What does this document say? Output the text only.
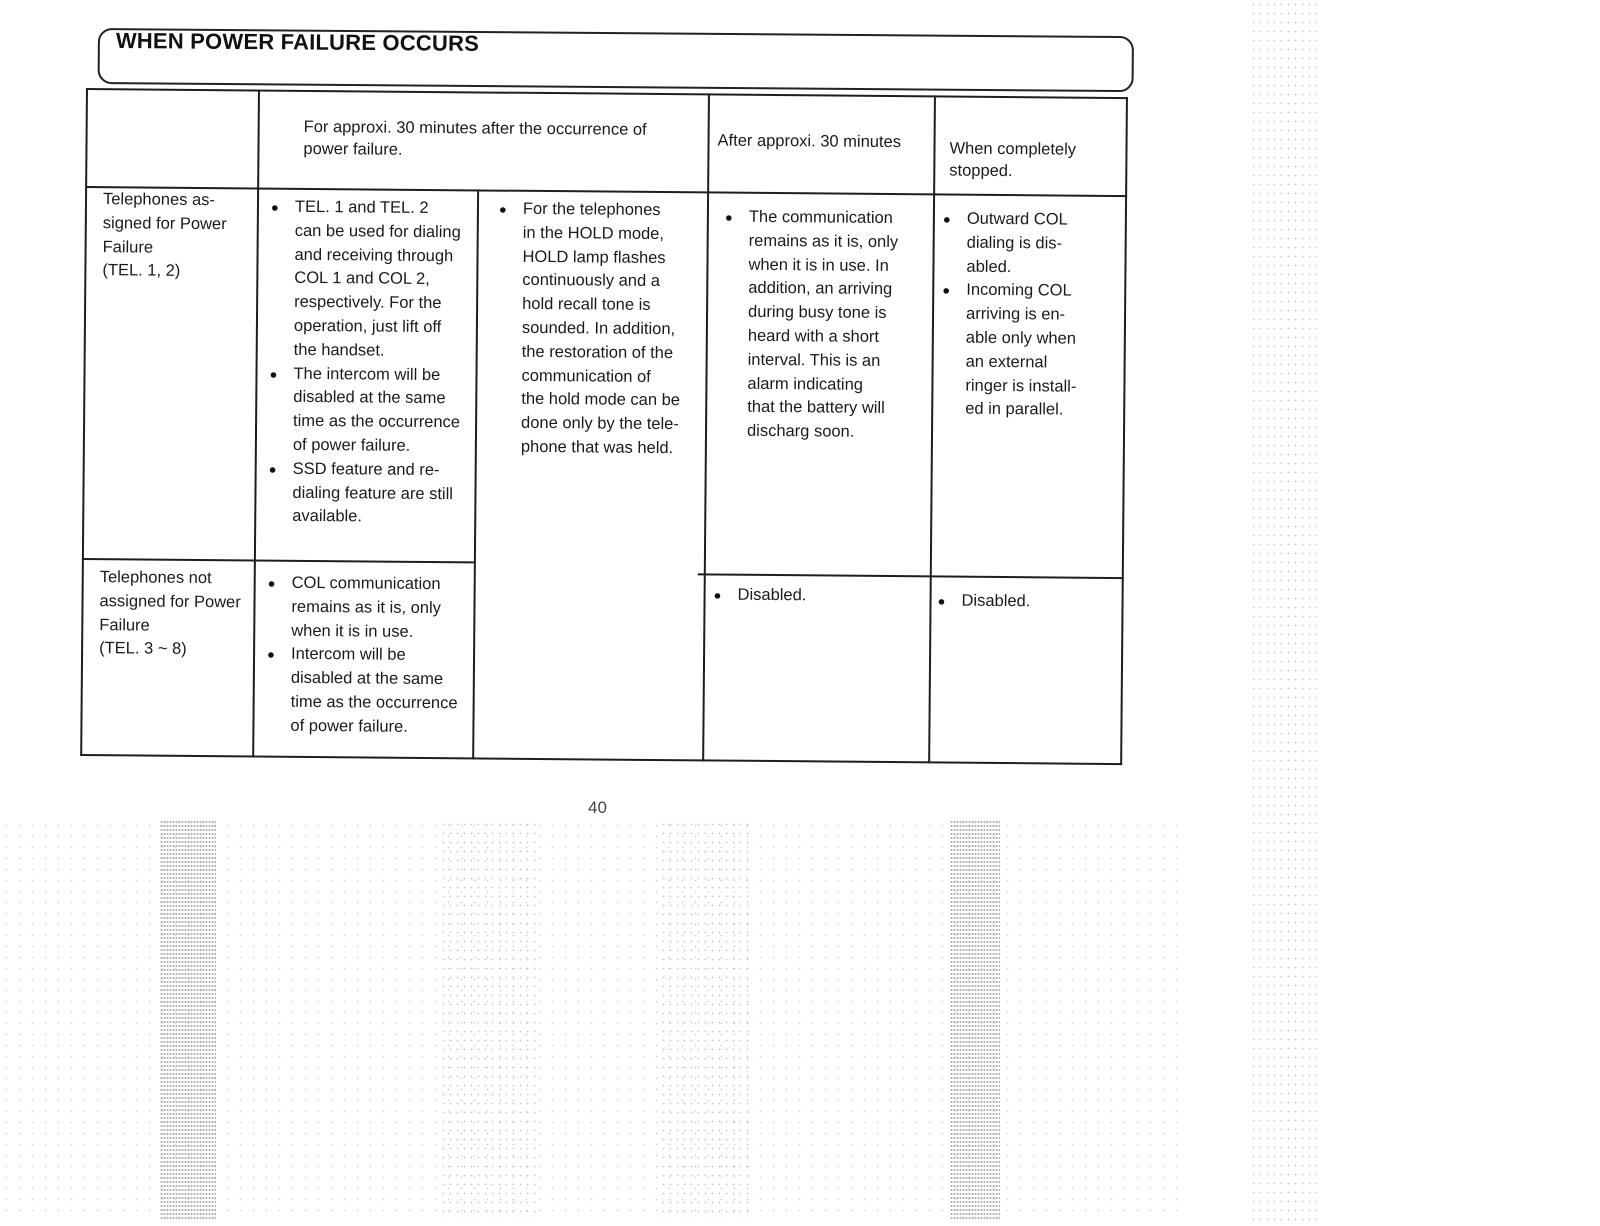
WHEN POWER FAILURE OCCURS
For approxi. 30 minutes after the occurrence of power failure.	After approxi. 30 minutes	When completely stopped.
Telephones as-
signed for Power
Failure
(TEL. 1, 2)
● TEL. 1 and TEL. 2
can be used for dialing
and receiving through
COL 1 and COL 2,
respectively. For the
operation, just lift off
the handset.
● The intercom will be
disabled at the same
time as the occurrence
of power failure.
● SSD feature and re-
dialing feature are still
available.
● For the telephones
in the HOLD mode,
HOLD lamp flashes
continuously and a
hold recall tone is
sounded. In addition,
the restoration of the
communication of
the hold mode can be
done only by the tele-
phone that was held.
● The communication
remains as it is, only
when it is in use. In
addition, an arriving
during busy tone is
heard with a short
interval. This is an
alarm indicating
that the battery will
discharg soon.
● Outward COL
dialing is dis-
abled.
● Incoming COL
arriving is en-
able only when
an external
ringer is install-
ed in parallel.
Telephones not
assigned for Power
Failure
(TEL. 3 ~ 8)
● COL communication
remains as it is, only
when it is in use.
● Intercom will be
disabled at the same
time as the occurrence
of power failure.
● Disabled.
●	Disabled.
40
